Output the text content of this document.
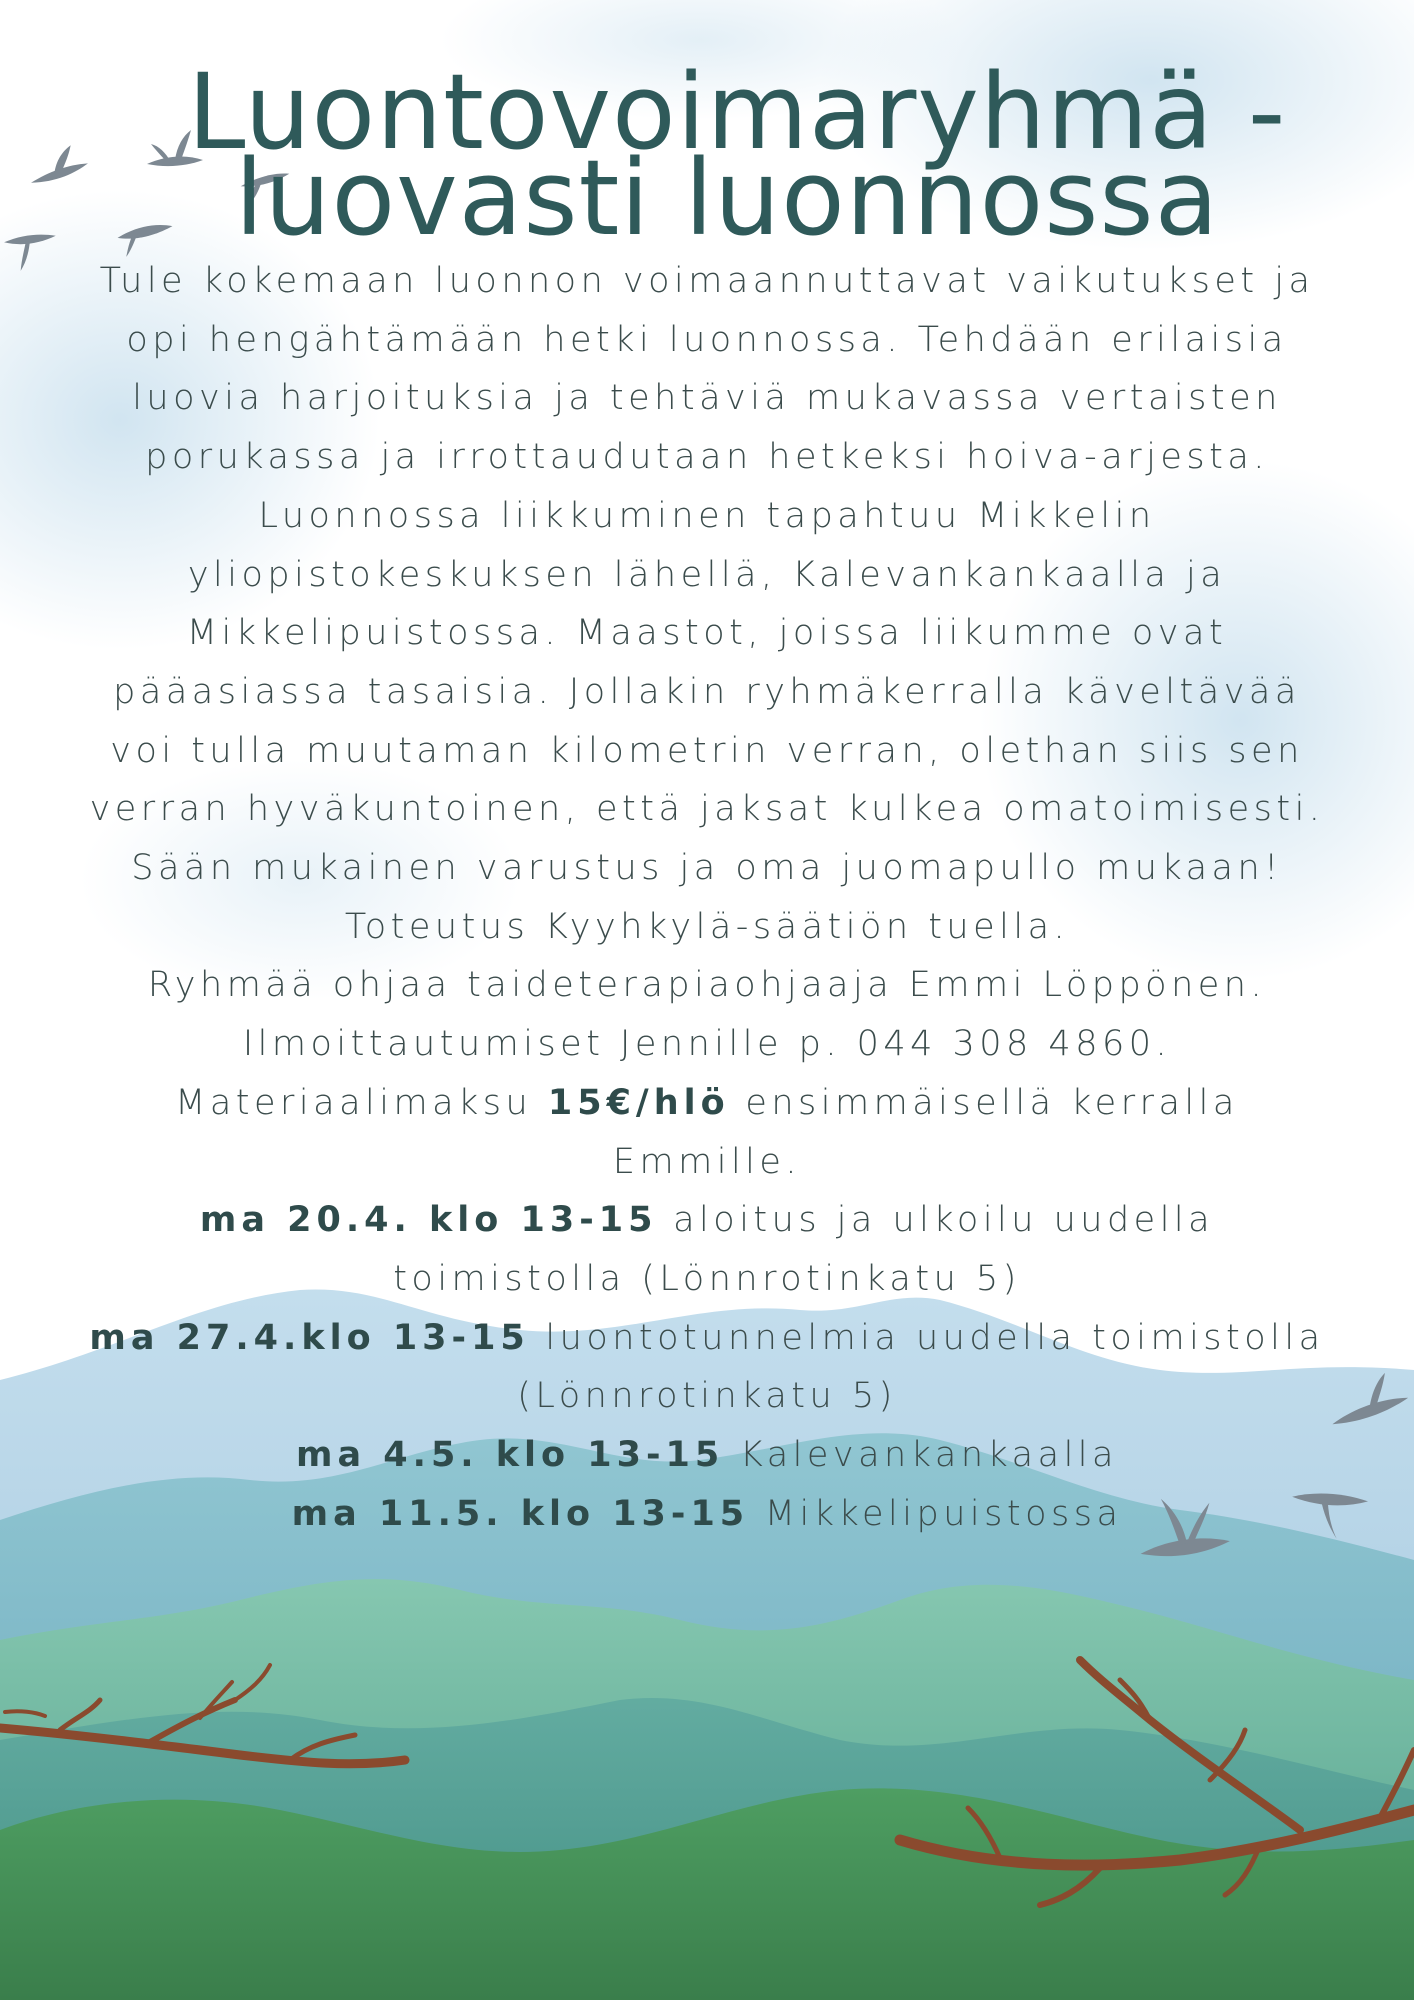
Luontovoimaryhmä -
luovasti luonnossa

Tule kokemaan luonnon voimaannuttavat vaikutukset ja opi hengähtämään hetki luonnossa. Tehdään erilaisia luovia harjoituksia ja tehtäviä mukavassa vertaisten porukassa ja irrottaudutaan hetkeksi hoiva-arjesta.

Luonnossa liikkuminen tapahtuu Mikkelin yliopistokeskuksen lähellä, Kalevankankaalla ja Mikkelipuistossa. Maastot, joissa liikumme ovat pääasiassa tasaisia. Jollakin ryhmäkerralla käveltävää voi tulla muutaman kilometrin verran, olethan siis sen verran hyväkuntoinen, että jaksat kulkea omatoimisesti. Sään mukainen varustus ja oma juomapullo mukaan!

Toteutus Kyyhkylä-säätiön tuella.

Ryhmää ohjaa taideterapiaohjaaja Emmi Löppönen.

Ilmoittautumiset Jennille p. 044 308 4860.

Materiaalimaksu 15€/hlö ensimmäisellä kerralla Emmille.

ma 20.4. klo 13-15 aloitus ja ulkoilu uudella toimistolla (Lönnrotinkatu 5)

ma 27.4.klo 13-15 luontotunnelmia uudella toimistolla (Lönnrotinkatu 5)

ma 4.5. klo 13-15 Kalevankankaalla

ma 11.5. klo 13-15 Mikkelipuistossa
